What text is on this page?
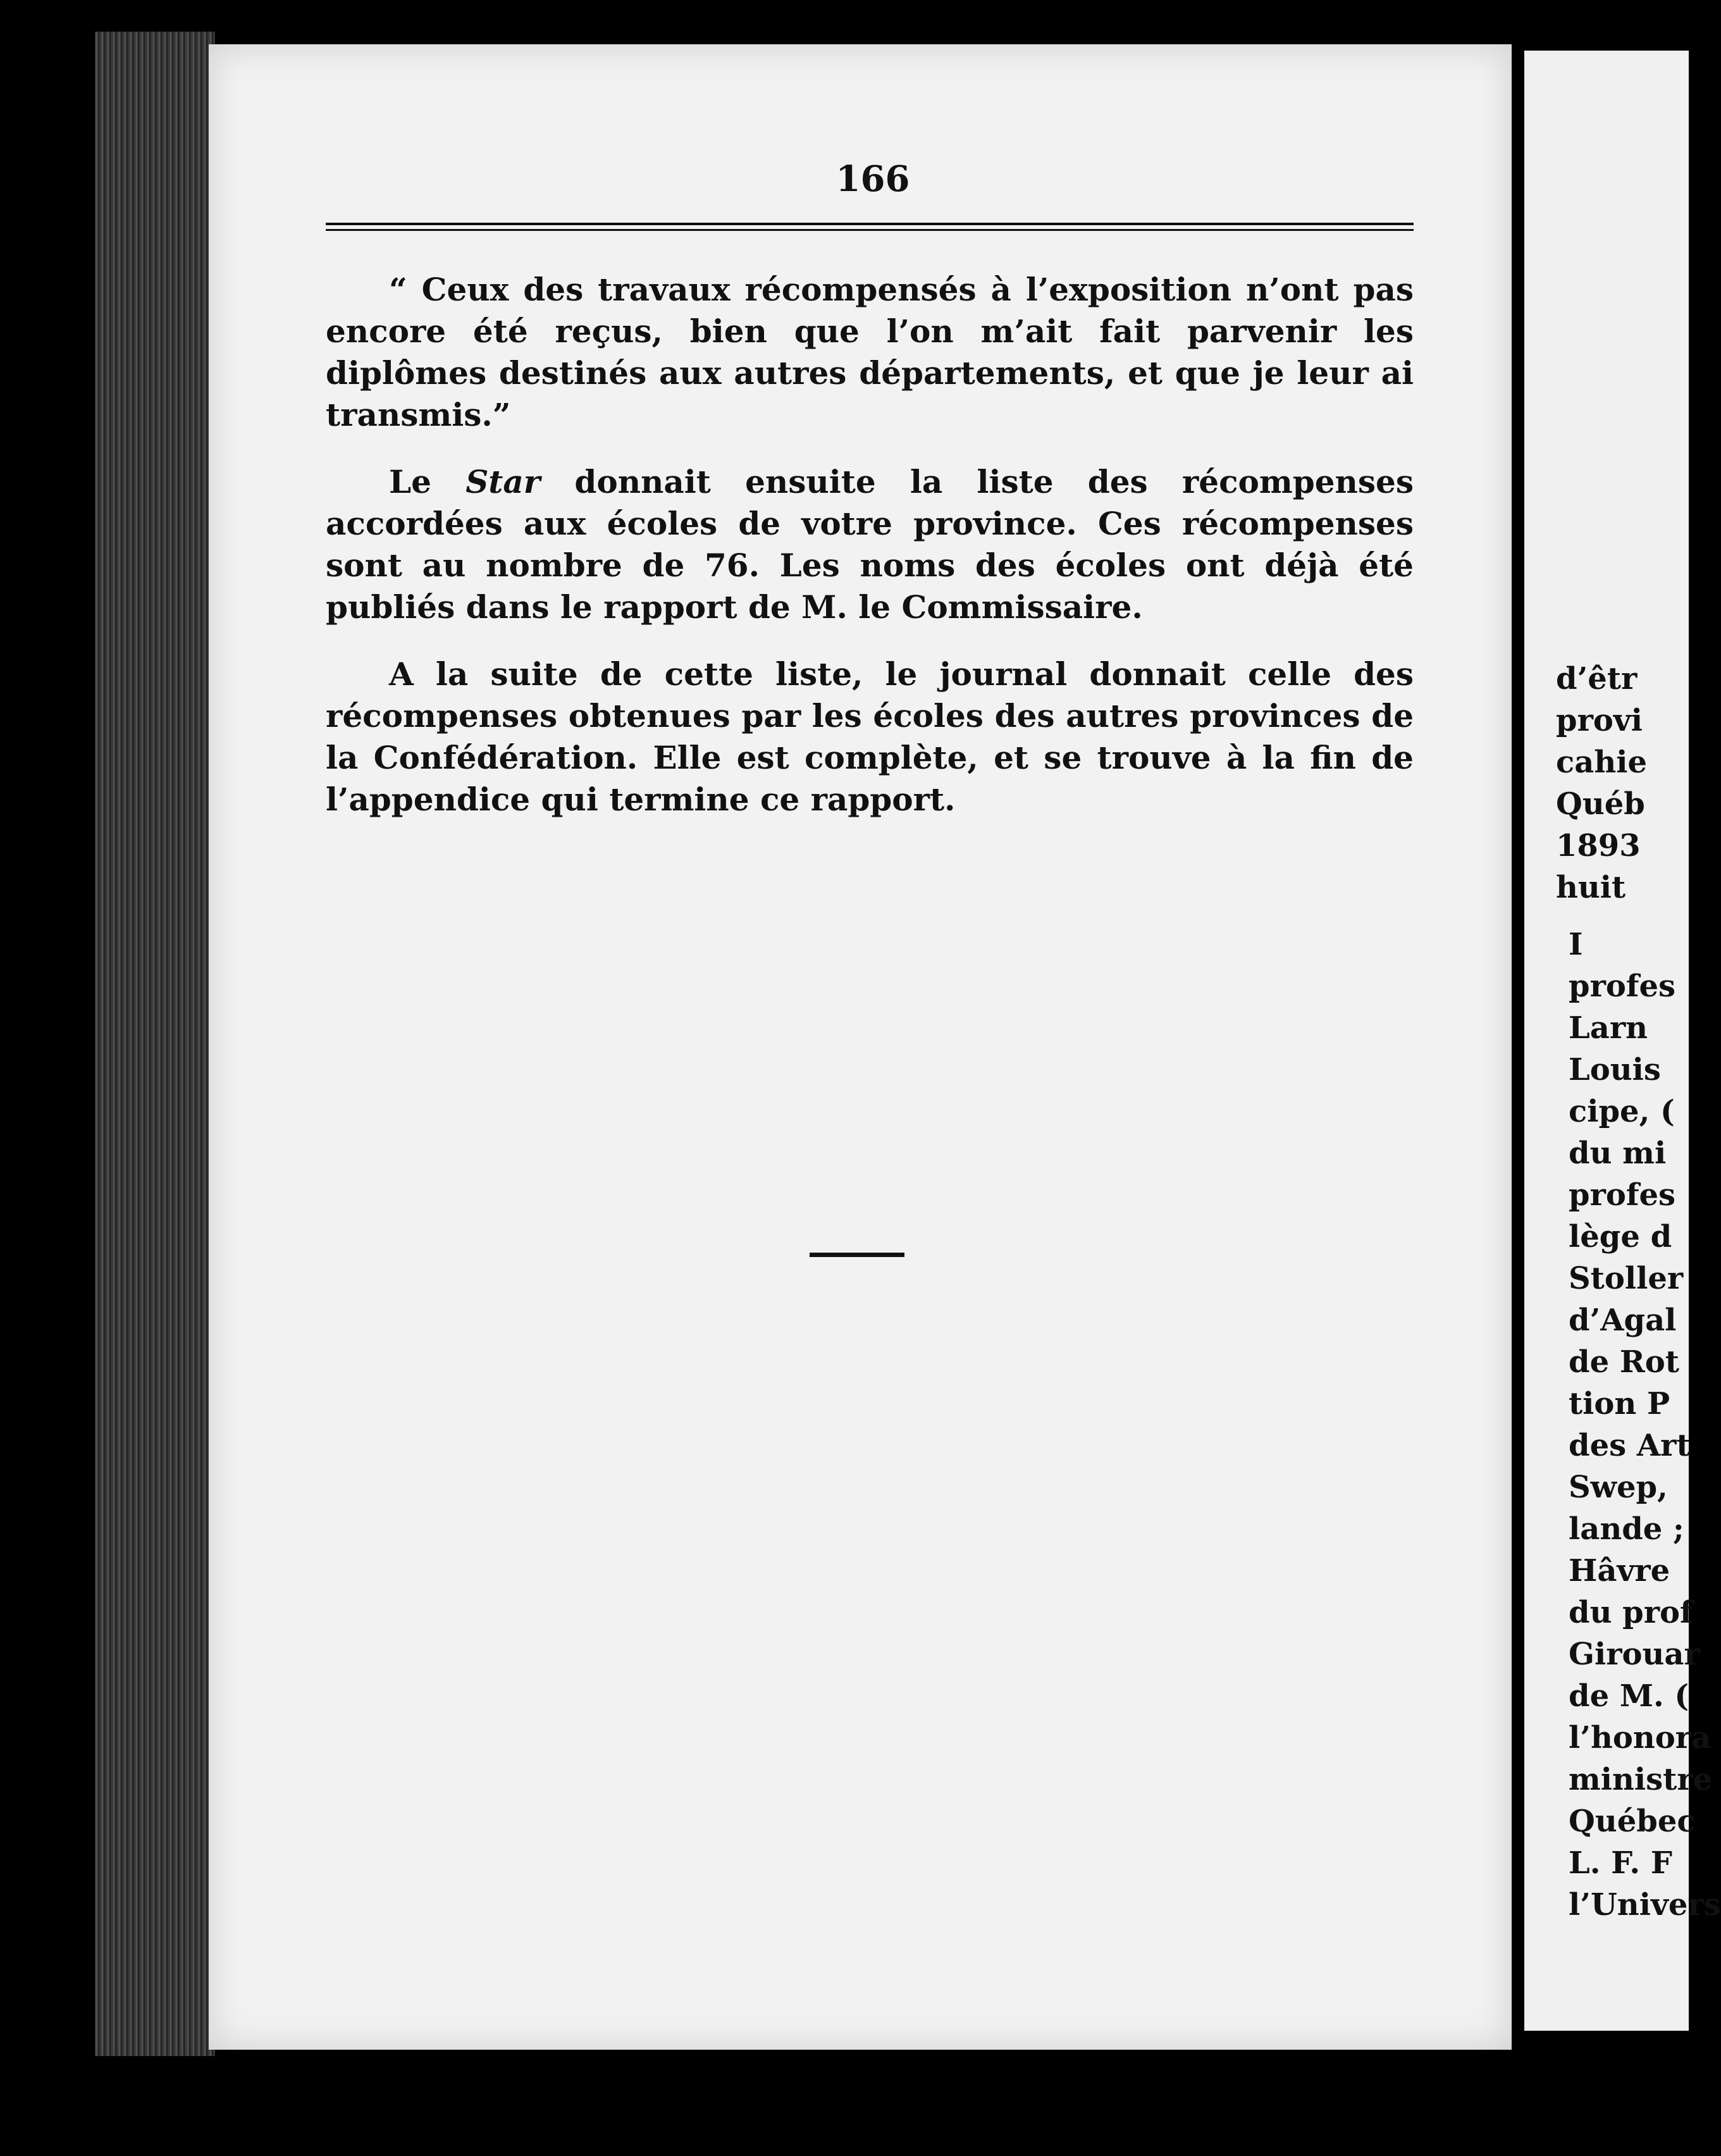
166

“ Ceux des travaux récompensés à l’exposition n’ont pas encore été reçus, bien que l’on m’ait fait parvenir les diplômes destinés aux autres départements, et que je leur ai transmis.”

Le Star donnait ensuite la liste des récompenses accordées aux écoles de votre province. Ces récompenses sont au nombre de 76. Les noms des écoles ont déjà été publiés dans le rapport de M. le Commissaire.

A la suite de cette liste, le journal donnait celle des récompenses obtenues par les écoles des autres provinces de la Confédération. Elle est complète, et se trouve à la fin de l’appendice qui termine ce rapport.

d’êtr
provi
cahie
Québ
1893
huit
I
profes
Larn
Louis
cipe, (
du mi
profes
lège d
Stoller
d’Agal
de Rot
tion P
des Art
Swep,
lande ;
Hâvre
du prof
Girouar
de M. (
l’honora
ministre
Québec
L. F. F
l’Univers
